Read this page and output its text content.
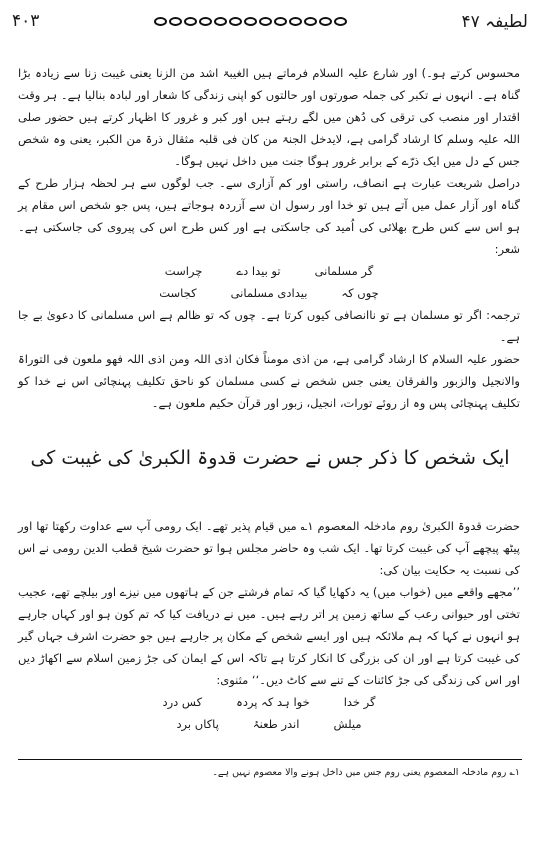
۴۰۳	لطیفہ ۴۷

محسوس کرتے ہو۔) اور شارع علیہ السلام فرماتے ہیں الغیبۃ اشد من الزنا یعنی غیبت زنا سے زیادہ بڑا گناہ ہے۔ انہوں نے تکبر کی جملہ صورتوں اور حالتوں کو اپنی زندگی کا شعار اور لبادہ بنالیا ہے۔ ہر وقت اقتدار اور منصب کی ترقی کی دُھن میں لگے رہتے ہیں اور کبر و غرور کا اظہار کرتے ہیں حضور صلی اللہ علیہ وسلم کا ارشاد گرامی ہے، لایدخل الجنۃ من کان فی قلبہ مثقال ذرۃ من الکبر، یعنی وہ شخص جس کے دل میں ایک ذرّے کے برابر غرور ہوگا جنت میں داخل نہیں ہوگا۔

دراصل شریعت عبارت ہے انصاف، راستی اور کم آزاری سے۔ جب لوگوں سے ہر لحظہ ہزار طرح کے گناہ اور آزار عمل میں آتے ہیں تو خدا اور رسول ان سے آزردہ ہوجاتے ہیں، پس جو شخص اس مقام پر ہو اس سے کس طرح بھلائی کی اُمید کی جاسکتی ہے اور کس طرح اس کی پیروی کی جاسکتی ہے۔ شعر:

گر مسلمانی
تو بیدا دے
چراست
چوں کہ
بیدادی مسلمانی
کجاست

ترجمہ: اگر تو مسلمان ہے تو ناانصافی کیوں کرتا ہے۔ چوں کہ تو ظالم ہے اس مسلمانی کا دعویٰ بے جا ہے۔

حضور علیہ السلام کا ارشاد گرامی ہے، من اذی مومناً فکان اذی اللہ ومن اذی اللہ فھو ملعون فی التوراۃ والانجیل والزبور والفرقان یعنی جس شخص نے کسی مسلمان کو ناحق تکلیف پہنچائی اس نے خدا کو تکلیف پہنچائی پس وہ از روئے تورات، انجیل، زبور اور قرآن حکیم ملعون ہے۔

ایک شخص کا ذکر جس نے حضرت قدوۃ الکبریٰ کی غیبت کی

حضرت قدوۃ الکبریٰ روم مادخلہ المعصوم ۱؎ میں قیام پذیر تھے۔ ایک رومی آپ سے عداوت رکھتا تھا اور پیٹھ پیچھے آپ کی غیبت کرتا تھا۔ ایک شب وہ حاضر مجلس ہوا تو حضرت شیخ قطب الدین رومی نے اس کی نسبت یہ حکایت بیان کی:

’’مجھے واقعے میں (خواب میں) یہ دکھایا گیا کہ تمام فرشتے جن کے ہاتھوں میں نیزے اور بیلچے تھے، عجیب تختی اور حیوانی رعب کے ساتھ زمین پر اتر رہے ہیں۔ میں نے دریافت کیا کہ تم کون ہو اور کہاں جارہے ہو انہوں نے کہا کہ ہم ملائکہ ہیں اور ایسے شخص کے مکان پر جارہے ہیں جو حضرت اشرف جہاں گیر کی غیبت کرتا ہے اور ان کی بزرگی کا انکار کرتا ہے تاکہ اس کے ایمان کی جڑ زمین اسلام سے اکھاڑ دیں اور اس کی زندگی کی جڑ کائنات کے تنے سے کاٹ دیں۔‘‘ مثنوی:

گر خدا
خوا ہد کہ پردہ
کس درد
میلش
اندر طعنۂ
پاکاں برد
۱؎ روم مادخلہ المعصوم یعنی روم جس میں داخل ہونے والا معصوم نہیں ہے۔
